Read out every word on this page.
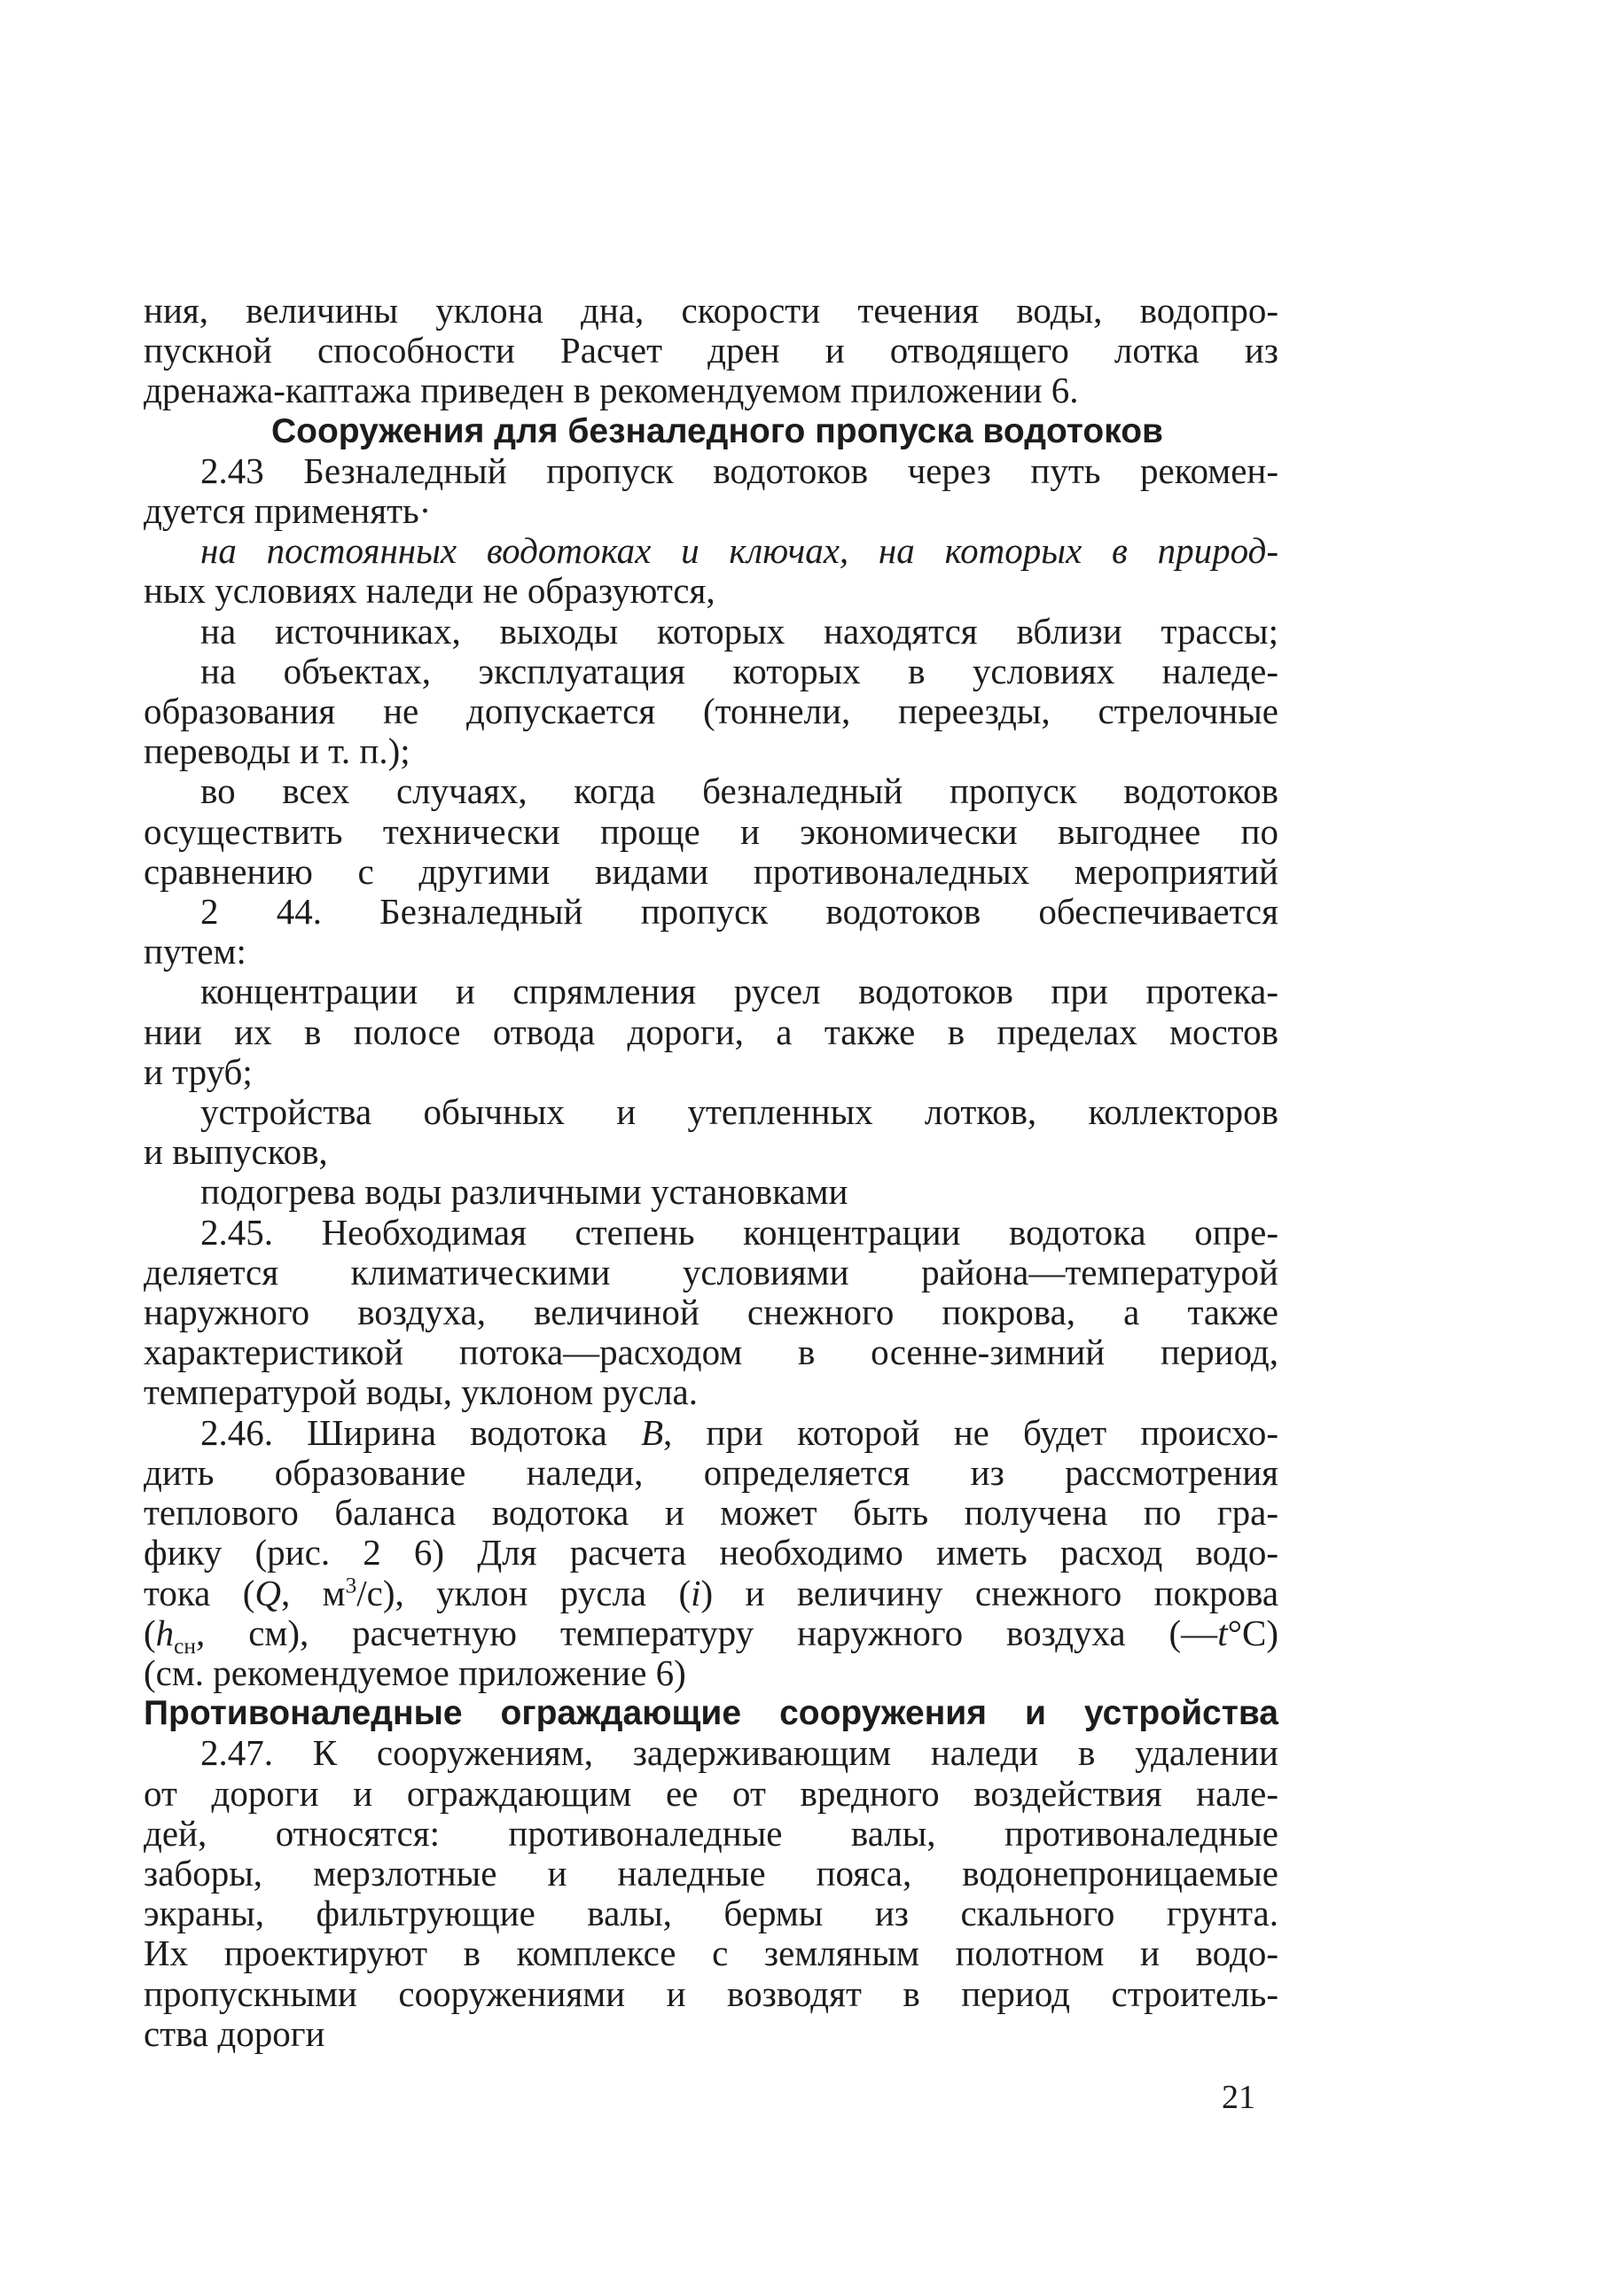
ния, величины уклона дна, скорости течения воды, водопро-
пускной способности Расчет дрен и отводящего лотка из
дренажа-каптажа приведен в рекомендуемом приложении 6.
Сооружения для безналедного пропуска водотоков
2.43 Безналедный пропуск водотоков через путь рекомен-
дуется применять·
на постоянных водотоках и ключах, на которых в природ-
ных условиях наледи не образуются,
на источниках, выходы которых находятся вблизи трассы;
на объектах, эксплуатация которых в условиях наледе-
образования не допускается (тоннели, переезды, стрелочные
переводы и т. п.);
во всех случаях, когда безналедный пропуск водотоков
осуществить технически проще и экономически выгоднее по
сравнению с другими видами противоналедных мероприятий
2 44. Безналедный пропуск водотоков обеспечивается
путем:
концентрации и спрямления русел водотоков при протека-
нии их в полосе отвода дороги, а также в пределах мостов
и труб;
устройства обычных и утепленных лотков, коллекторов
и выпусков,
подогрева воды различными установками
2.45. Необходимая степень концентрации водотока опре-
деляется климатическими условиями района—температурой
наружного воздуха, величиной снежного покрова, а также
характеристикой потока—расходом в осенне-зимний период,
температурой воды, уклоном русла.
2.46. Ширина водотока B, при которой не будет происхо-
дить образование наледи, определяется из рассмотрения
теплового баланса водотока и может быть получена по гра-
фику (рис. 2 6) Для расчета необходимо иметь расход водо-
тока (Q, $м^3/с$), уклон русла (i) и величину снежного покрова
($h_{сн}$, см), расчетную температуру наружного воздуха (—t°С)
(см. рекомендуемое приложение 6)
Противоналедные ограждающие сооружения и устройства
2.47. К сооружениям, задерживающим наледи в удалении
от дороги и ограждающим ее от вредного воздействия нале-
дей, относятся: противоналедные валы, противоналедные
заборы, мерзлотные и наледные пояса, водонепроницаемые
экраны, фильтрующие валы, бермы из скального грунта.
Их проектируют в комплексе с земляным полотном и водо-
пропускными сооружениями и возводят в период строитель-
ства дороги
21
